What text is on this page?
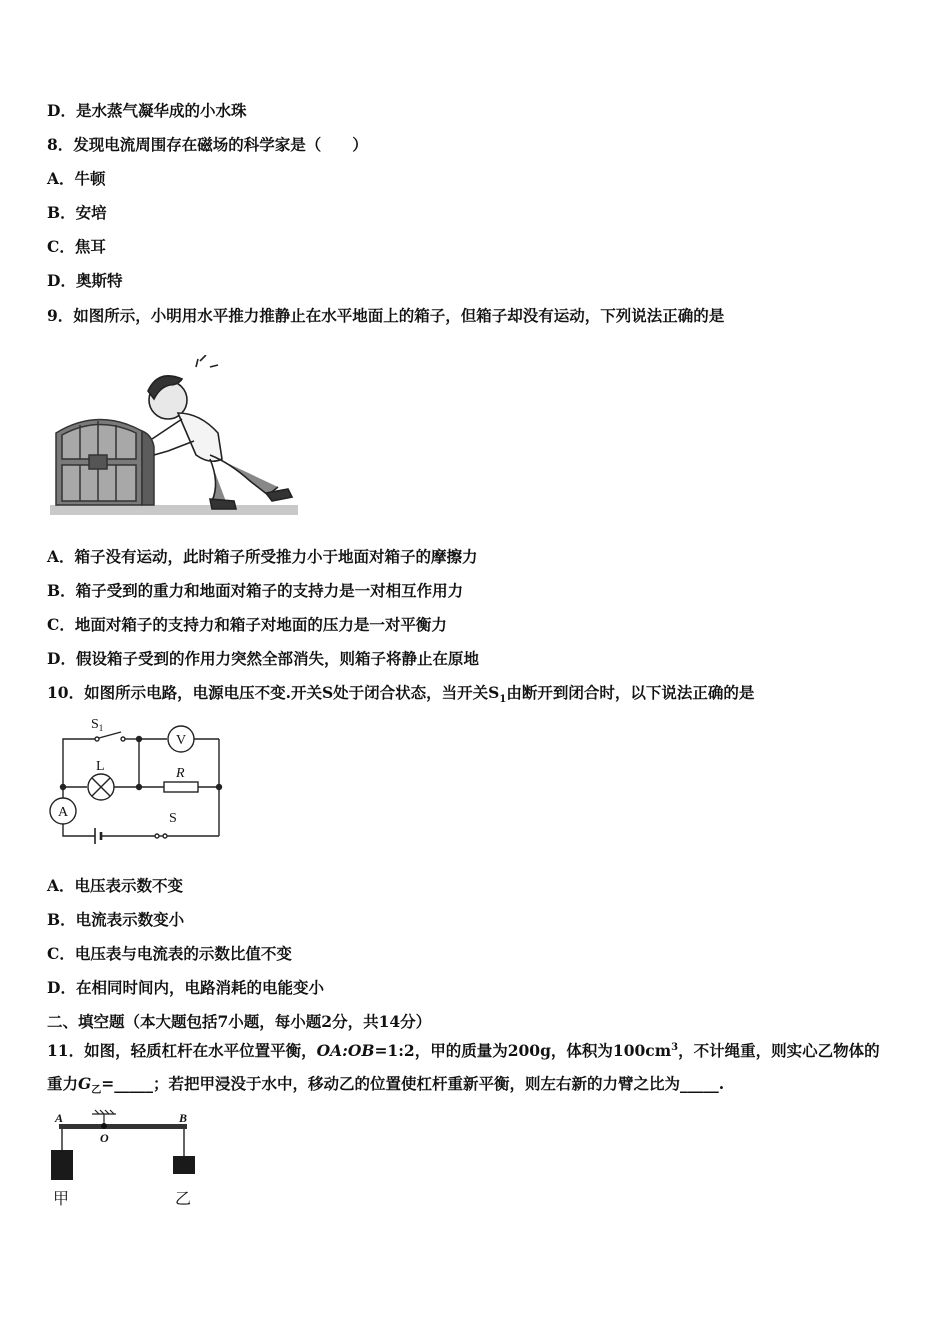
D．是水蒸气凝华成的小水珠
8．发现电流周围存在磁场的科学家是（　　）
A．牛顿
B．安培
C．焦耳
D．奥斯特
9．如图所示，小明用水平推力推静止在水平地面上的箱子，但箱子却没有运动，下列说法正确的是
A．箱子没有运动，此时箱子所受推力小于地面对箱子的摩擦力
B．箱子受到的重力和地面对箱子的支持力是一对相互作用力
C．地面对箱子的支持力和箱子对地面的压力是一对平衡力
D．假设箱子受到的作用力突然全部消失，则箱子将静止在原地
10．如图所示电路，电源电压不变.开关S处于闭合状态，当开关$S_1$由断开到闭合时，以下说法正确的是
$S_1$
V
L	R
A	S
A．电压表示数不变
B．电流表示数变小
C．电压表与电流表的示数比值不变
D．在相同时间内，电路消耗的电能变小
二、填空题（本大题包括7小题，每小题2分，共14分）
11．如图，轻质杠杆在水平位置平衡，OA:OB=1:2，甲的质量为200g，体积为$100cm^3$，不计绳重，则实心乙物体的
重力$G_乙=\_\_\_\_\_$；若把甲浸没于水中，移动乙的位置使杠杆重新平衡，则左右新的力臂之比为_____.
A
O
B
甲	乙
